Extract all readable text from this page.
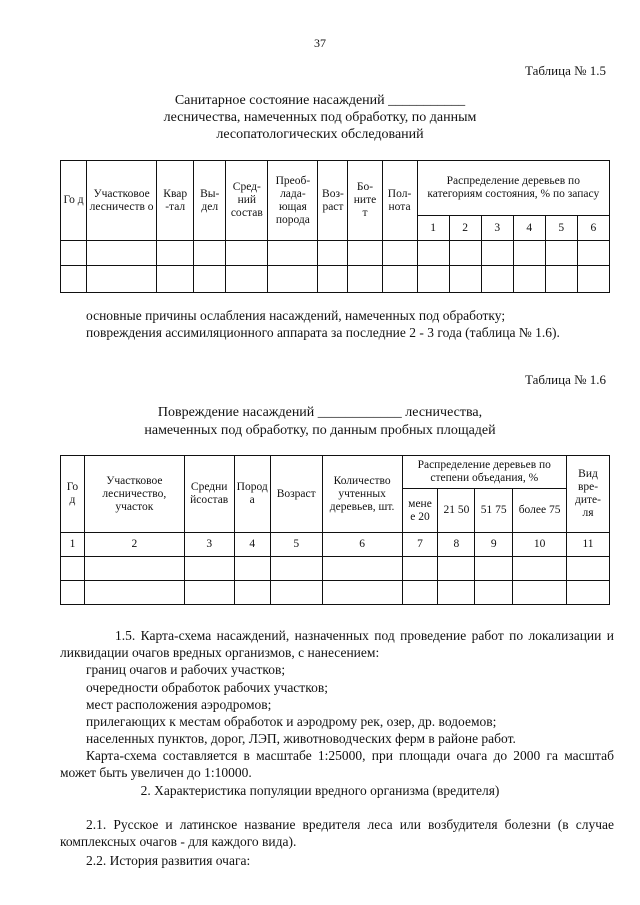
37
Таблица № 1.5
Санитарное состояние насаждений ___________
лесничества, намеченных под обработку, по данным
лесопатологических обследований
Го д	Участковое лесничеств о	Квар -тал	Вы- дел	Сред- ний состав	Преоб- лада- ющая порода	Воз- раст	Бо- ните т	Пол- нота	Распределение деревьев по категориям состояния, % по запасу					
									1	2	3	4	5	6

основные причины ослабления насаждений, намеченных под обработку;
повреждения ассимиляционного аппарата за последние 2 - 3 года (таблица № 1.6).
Таблица № 1.6
Повреждение насаждений ____________ лесничества,
намеченных под обработку, по данным пробных площадей
Го д	Участковое лесничество, участок	Средни йсостав	Пород а	Возраст	Количество учтенных деревьев, шт.	Распределение деревьев по степени объедания, %				Вид вре- дите- ля
						мене е 20	21 50	51 75	более 75	
1	2	3	4	5	6	7	8	9	10	11

1.5. Карта-схема насаждений, назначенных под проведение работ по локализации и ликвидации очагов вредных организмов, с нанесением:
границ очагов и рабочих участков;
очередности обработок рабочих участков;
мест расположения аэродромов;
прилегающих к местам обработок и аэродрому рек, озер, др. водоемов;
населенных пунктов, дорог, ЛЭП, животноводческих ферм в районе работ.
Карта-схема составляется в масштабе 1:25000, при площади очага до 2000 га масштаб может быть увеличен до 1:10000.
2. Характеристика популяции вредного организма (вредителя)
2.1. Русское и латинское название вредителя леса или возбудителя болезни (в случае комплексных очагов - для каждого вида).
2.2. История развития очага:
